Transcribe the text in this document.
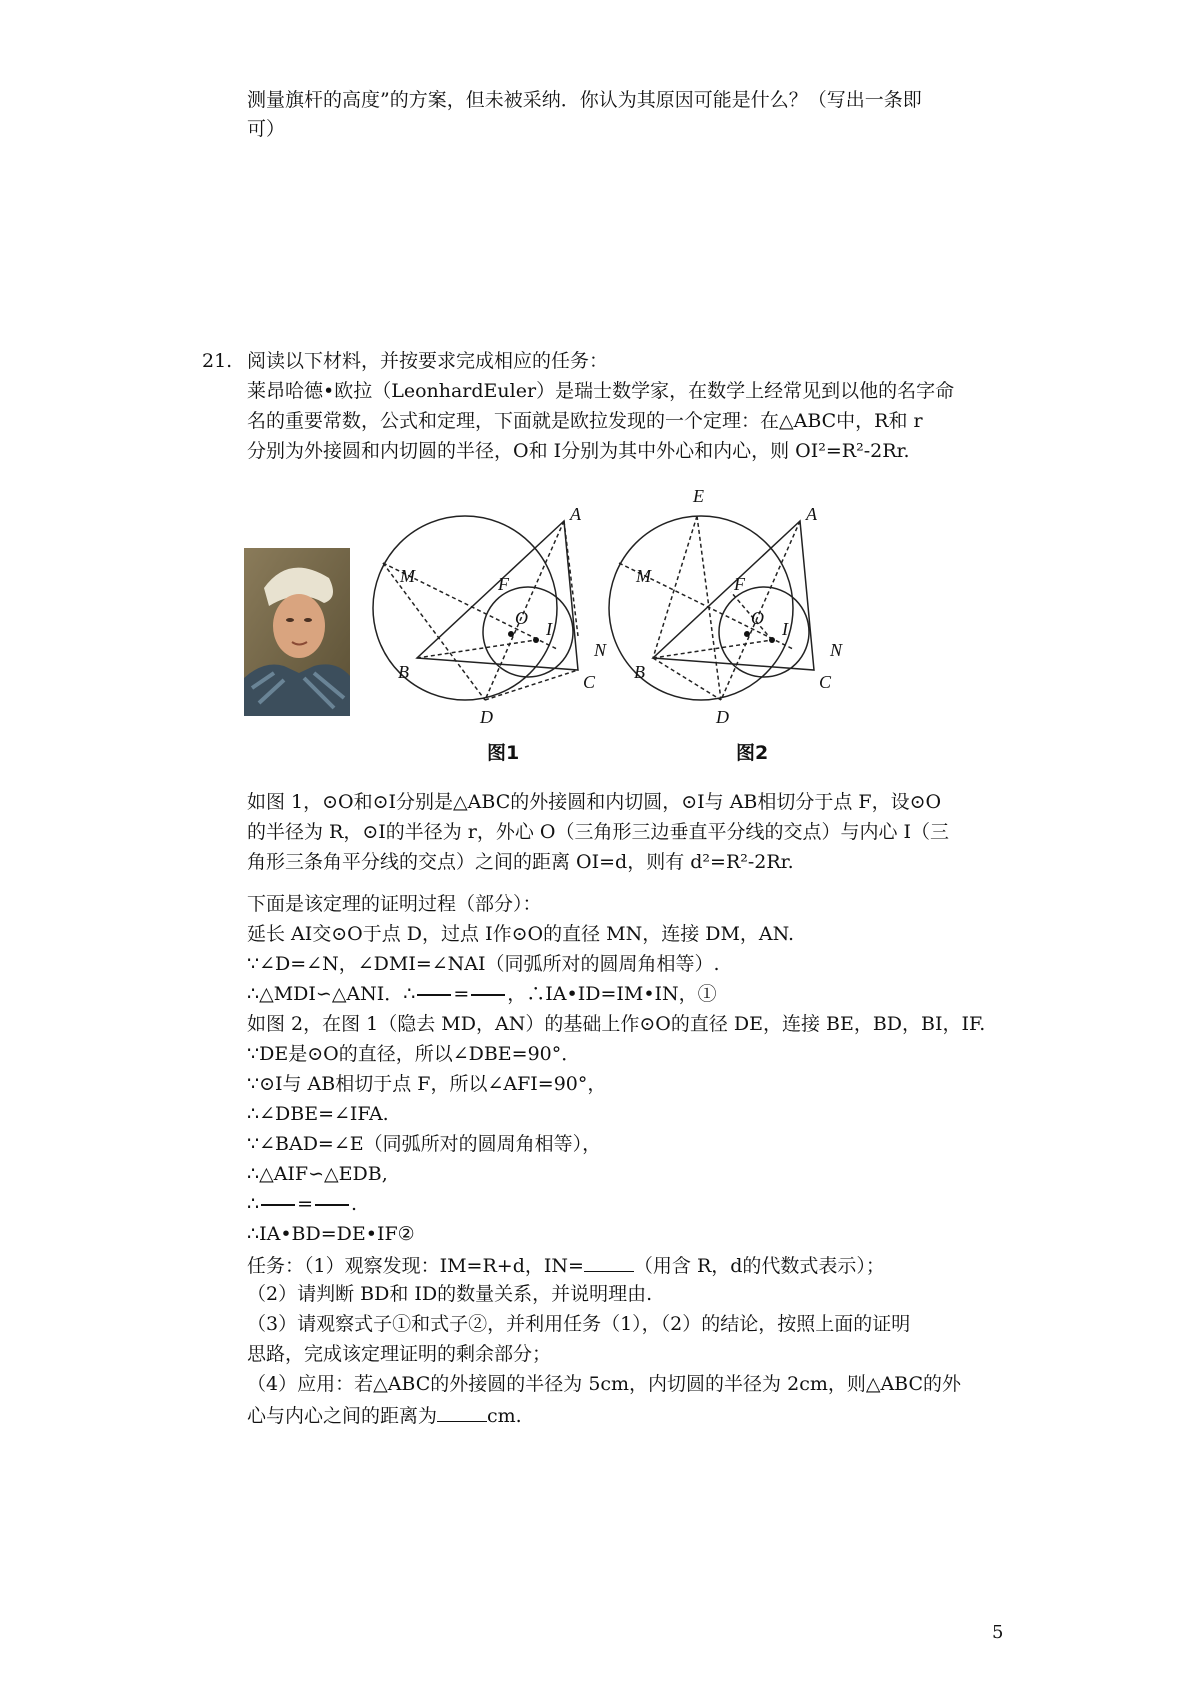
测量旗杆的高度”的方案，但未被采纳．你认为其原因可能是什么？（写出一条即
可）
21. 阅读以下材料，并按要求完成相应的任务：
莱昂哈德•欧拉（LeonhardEuler）是瑞士数学家，在数学上经常见到以他的名字命
名的重要常数，公式和定理，下面就是欧拉发现的一个定理：在△ABC中，R和 r
分别为外接圆和内切圆的半径，O和 I分别为其中外心和内心，则 OI²=R²-2Rr.
A
B	C
D
F
M
N
O
I
A
B	C
D
E
F
M
N
O
I
图1	图2
如图 1，⊙O和⊙I分别是△ABC的外接圆和内切圆，⊙I与 AB相切分于点 F，设⊙O
的半径为 R，⊙I的半径为 r，外心 O（三角形三边垂直平分线的交点）与内心 I（三
角形三条角平分线的交点）之间的距离 OI=d，则有 d²=R²-2Rr.
下面是该定理的证明过程（部分）：
延长 AI交⊙O于点 D，过点 I作⊙O的直径 MN，连接 DM，AN.
∵∠D=∠N，∠DMI=∠NAI（同弧所对的圆周角相等）.
∴△MDI∽△ANI．∴ = ，∴IA•ID=IM•IN，①
如图 2，在图 1（隐去 MD，AN）的基础上作⊙O的直径 DE，连接 BE，BD，BI，IF.
∵DE是⊙O的直径，所以∠DBE=90°．
∵⊙I与 AB相切于点 F，所以∠AFI=90°，
∴∠DBE=∠IFA.
∵∠BAD=∠E（同弧所对的圆周角相等），
∴△AIF∽△EDB,
∴ = .
∴IA•BD=DE•IF②
任务：（1）观察发现：IM=R+d，IN=	（用含 R，d的代数式表示）；
（2）请判断 BD和 ID的数量关系，并说明理由.
（3）请观察式子①和式子②，并利用任务（1），（2）的结论，按照上面的证明
思路，完成该定理证明的剩余部分；
（4）应用：若△ABC的外接圆的半径为 5cm，内切圆的半径为 2cm，则△ABC的外
心与内心之间的距离为	cm.
5
